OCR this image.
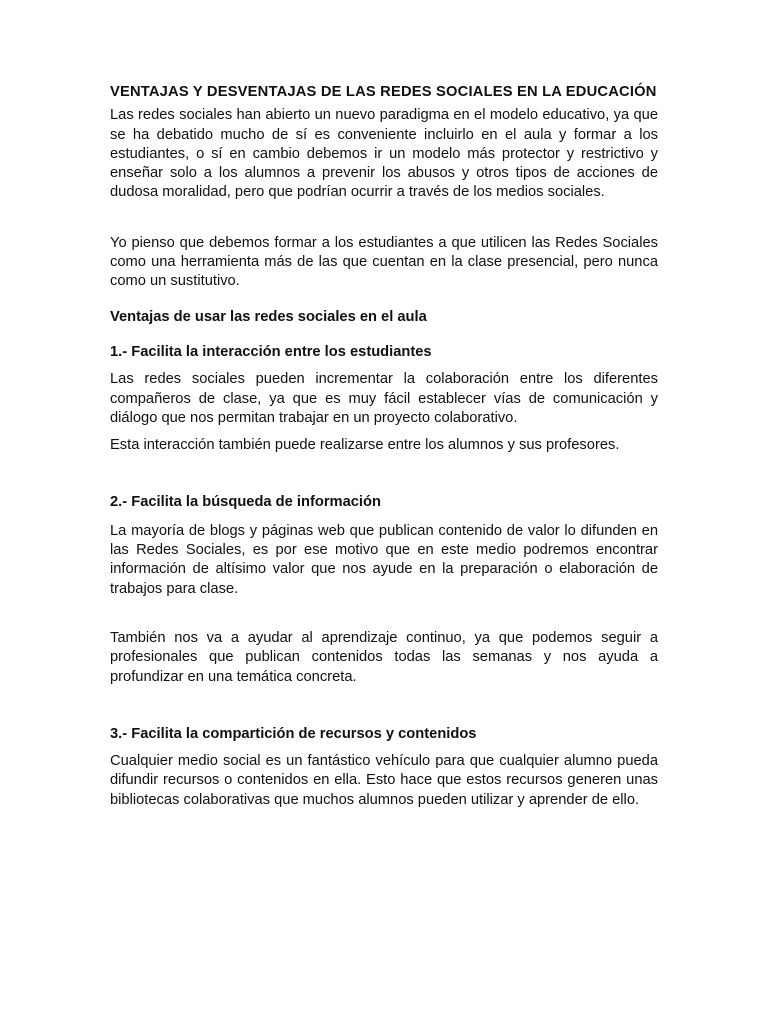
VENTAJAS Y DESVENTAJAS DE LAS REDES SOCIALES EN LA EDUCACIÓN

Las redes sociales han abierto un nuevo paradigma en el modelo educativo, ya que se ha debatido mucho de sí es conveniente incluirlo en el aula y formar a los estudiantes, o sí en cambio debemos ir un modelo más protector y restrictivo y enseñar solo a los alumnos a prevenir los abusos y otros tipos de acciones de dudosa moralidad, pero que podrían ocurrir a través de los medios sociales.

Yo pienso que debemos formar a los estudiantes a que utilicen las Redes Sociales como una herramienta más de las que cuentan en la clase presencial, pero nunca como un sustitutivo.

Ventajas de usar las redes sociales en el aula

1.- Facilita la interacción entre los estudiantes

Las redes sociales pueden incrementar la colaboración entre los diferentes compañeros de clase, ya que es muy fácil establecer vías de comunicación y diálogo que nos permitan trabajar en un proyecto colaborativo.

Esta interacción también puede realizarse entre los alumnos y sus profesores.

2.- Facilita la búsqueda de información

La mayoría de blogs y páginas web que publican contenido de valor lo difunden en las Redes Sociales, es por ese motivo que en este medio podremos encontrar información de altísimo valor que nos ayude en la preparación o elaboración de trabajos para clase.

También nos va a ayudar al aprendizaje continuo, ya que podemos seguir a profesionales que publican contenidos todas las semanas y nos ayuda a profundizar en una temática concreta.

3.- Facilita la compartición de recursos y contenidos

Cualquier medio social es un fantástico vehículo para que cualquier alumno pueda difundir recursos o contenidos en ella. Esto hace que estos recursos generen unas bibliotecas colaborativas que muchos alumnos pueden utilizar y aprender de ello.
